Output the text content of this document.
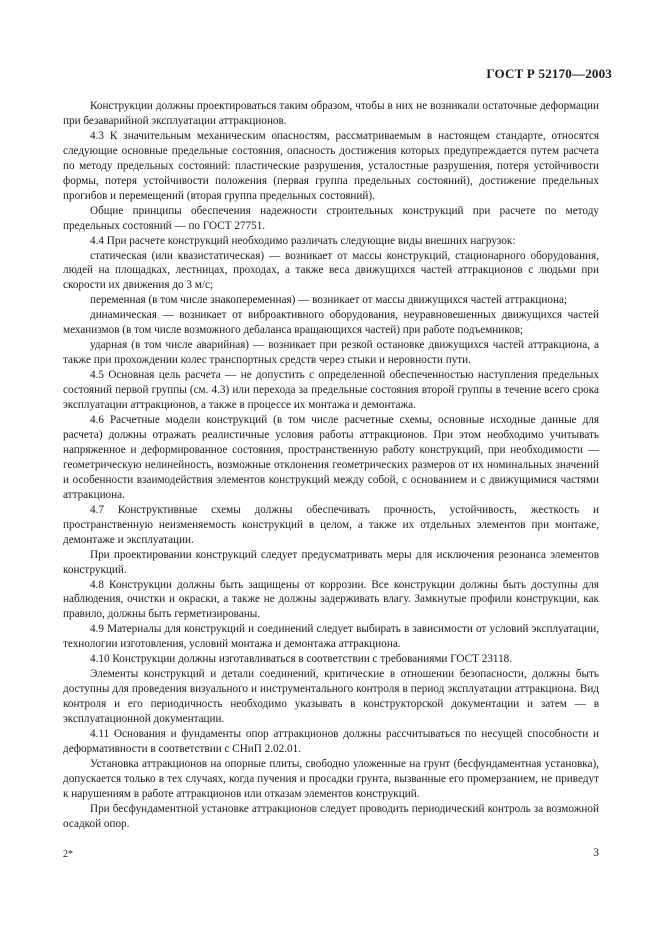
ГОСТ Р 52170—2003

Конструкции должны проектироваться таким образом, чтобы в них не возникали остаточные деформации при безаварийной эксплуатации аттракционов.

4.3 К значительным механическим опасностям, рассматриваемым в настоящем стандарте, относятся следующие основные предельные состояния, опасность достижения которых предупреждается путем расчета по методу предельных состояний: пластические разрушения, усталостные разрушения, потеря устойчивости формы, потеря устойчивости положения (первая группа предельных состояний), достижение предельных прогибов и перемещений (вторая группа предельных состояний).

Общие принципы обеспечения надежности строительных конструкций при расчете по методу предельных состояний — по ГОСТ 27751.

4.4 При расчете конструкций необходимо различать следующие виды внешних нагрузок:

статическая (или квазистатическая) — возникает от массы конструкций, стационарного оборудования, людей на площадках, лестницах, проходах, а также веса движущихся частей аттракционов с людьми при скорости их движения до 3 м/с;

переменная (в том числе знакопеременная) — возникает от массы движущихся частей аттракциона;

динамическая — возникает от виброактивного оборудования, неуравновешенных движущихся частей механизмов (в том числе возможного дебаланса вращающихся частей) при работе подъемников;

ударная (в том числе аварийная) — возникает при резкой остановке движущихся частей аттракциона, а также при прохождении колес транспортных средств через стыки и неровности пути.

4.5 Основная цель расчета — не допустить с определенной обеспеченностью наступления предельных состояний первой группы (см. 4.3) или перехода за предельные состояния второй группы в течение всего срока эксплуатации аттракционов, а также в процессе их монтажа и демонтажа.

4.6 Расчетные модели конструкций (в том числе расчетные схемы, основные исходные данные для расчета) должны отражать реалистичные условия работы аттракционов. При этом необходимо учитывать напряженное и деформированное состояния, пространственную работу конструкций, при необходимости — геометрическую нелинейность, возможные отклонения геометрических размеров от их номинальных значений и особенности взаимодействия элементов конструкций между собой, с основанием и с движущимися частями аттракциона.

4.7 Конструктивные схемы должны обеспечивать прочность, устойчивость, жесткость и пространственную неизменяемость конструкций в целом, а также их отдельных элементов при монтаже, демонтаже и эксплуатации.

При проектировании конструкций следует предусматривать меры для исключения резонанса элементов конструкций.

4.8 Конструкции должны быть защищены от коррозии. Все конструкции должны быть доступны для наблюдения, очистки и окраски, а также не должны задерживать влагу. Замкнутые профили конструкции, как правило, должны быть герметизированы.

4.9 Материалы для конструкций и соединений следует выбирать в зависимости от условий эксплуатации, технологии изготовления, условий монтажа и демонтажа аттракциона.

4.10 Конструкции должны изготавливаться в соответствии с требованиями ГОСТ 23118.

Элементы конструкций и детали соединений, критические в отношении безопасности, должны быть доступны для проведения визуального и инструментального контроля в период эксплуатации аттракциона. Вид контроля и его периодичность необходимо указывать в конструкторской документации и затем — в эксплуатационной документации.

4.11 Основания и фундаменты опор аттракционов должны рассчитываться по несущей способности и деформативности в соответствии с СНиП 2.02.01.

Установка аттракционов на опорные плиты, свободно уложенные на грунт (бесфундаментная установка), допускается только в тех случаях, когда пучения и просадки грунта, вызванные его промерзанием, не приведут к нарушениям в работе аттракционов или отказам элементов конструкций.

При бесфундаментной установке аттракционов следует проводить периодический контроль за возможной осадкой опор.

2*	3
